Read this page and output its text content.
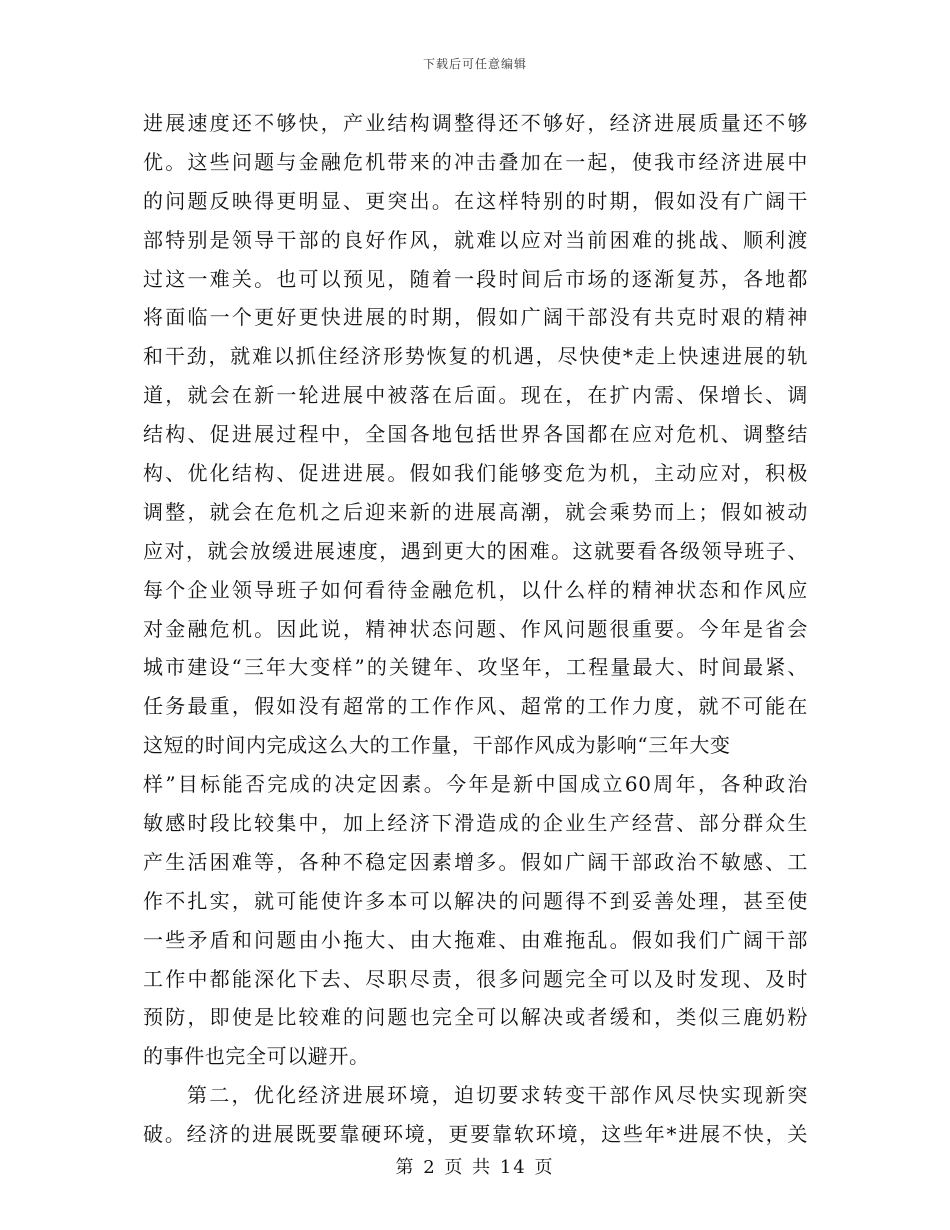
下载后可任意编辑
进展速度还不够快，产业结构调整得还不够好，经济进展质量还不够
优。这些问题与金融危机带来的冲击叠加在一起，使我市经济进展中
的问题反映得更明显、更突出。在这样特别的时期，假如没有广阔干
部特别是领导干部的良好作风，就难以应对当前困难的挑战、顺利渡
过这一难关。也可以预见，随着一段时间后市场的逐渐复苏，各地都
将面临一个更好更快进展的时期，假如广阔干部没有共克时艰的精神
和干劲，就难以抓住经济形势恢复的机遇，尽快使*走上快速进展的轨
道，就会在新一轮进展中被落在后面。现在，在扩内需、保增长、调
结构、促进展过程中，全国各地包括世界各国都在应对危机、调整结
构、优化结构、促进进展。假如我们能够变危为机，主动应对，积极
调整，就会在危机之后迎来新的进展高潮，就会乘势而上；假如被动
应对，就会放缓进展速度，遇到更大的困难。这就要看各级领导班子、
每个企业领导班子如何看待金融危机，以什么样的精神状态和作风应
对金融危机。因此说，精神状态问题、作风问题很重要。今年是省会
城市建设“三年大变样”的关键年、攻坚年，工程量最大、时间最紧、
任务最重，假如没有超常的工作作风、超常的工作力度，就不可能在
这短的时间内完成这么大的工作量，干部作风成为影响“三年大变
样”目标能否完成的决定因素。今年是新中国成立60周年，各种政治
敏感时段比较集中，加上经济下滑造成的企业生产经营、部分群众生
产生活困难等，各种不稳定因素增多。假如广阔干部政治不敏感、工
作不扎实，就可能使许多本可以解决的问题得不到妥善处理，甚至使
一些矛盾和问题由小拖大、由大拖难、由难拖乱。假如我们广阔干部
工作中都能深化下去、尽职尽责，很多问题完全可以及时发现、及时
预防，即使是比较难的问题也完全可以解决或者缓和，类似三鹿奶粉
的事件也完全可以避开。
第二，优化经济进展环境，迫切要求转变干部作风尽快实现新突
破。经济的进展既要靠硬环境，更要靠软环境，这些年*进展不快，关
第 2 页 共 14 页
